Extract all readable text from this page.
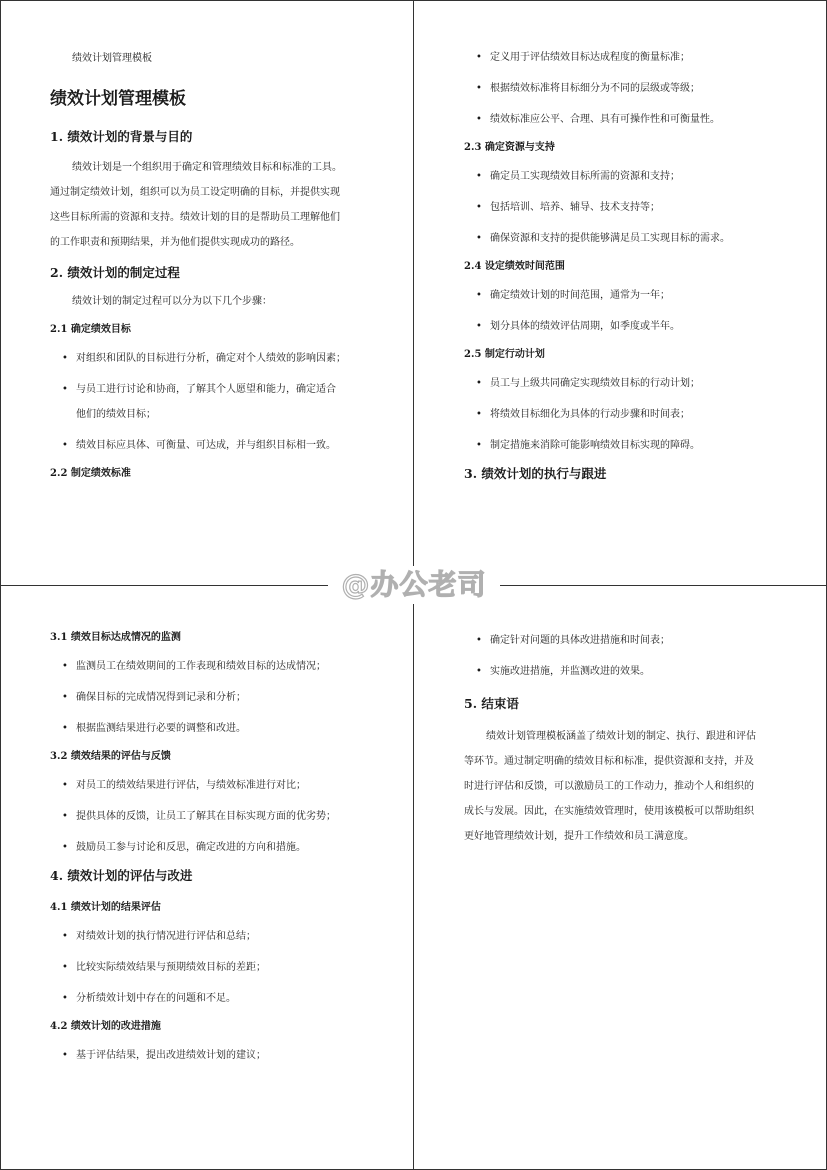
绩效计划管理模板
绩效计划管理模板
1. 绩效计划的背景与目的

绩效计划是一个组织用于确定和管理绩效目标和标准的工具。

通过制定绩效计划，组织可以为员工设定明确的目标，并提供实现

这些目标所需的资源和支持。绩效计划的目的是帮助员工理解他们

的工作职责和预期结果，并为他们提供实现成功的路径。

2. 绩效计划的制定过程

绩效计划的制定过程可以分为以下几个步骤：

2.1 确定绩效目标

• 对组织和团队的目标进行分析，确定对个人绩效的影响因素；

• 与员工进行讨论和协商，了解其个人愿望和能力，确定适合

他们的绩效目标；

• 绩效目标应具体、可衡量、可达成，并与组织目标相一致。

2.2 制定绩效标准

• 定义用于评估绩效目标达成程度的衡量标准；

• 根据绩效标准将目标细分为不同的层级或等级；

• 绩效标准应公平、合理、具有可操作性和可衡量性。

2.3 确定资源与支持

• 确定员工实现绩效目标所需的资源和支持；

• 包括培训、培养、辅导、技术支持等；

• 确保资源和支持的提供能够满足员工实现目标的需求。

2.4 设定绩效时间范围

• 确定绩效计划的时间范围，通常为一年；

• 划分具体的绩效评估周期，如季度或半年。

2.5 制定行动计划

• 员工与上级共同确定实现绩效目标的行动计划；

• 将绩效目标细化为具体的行动步骤和时间表；

• 制定措施来消除可能影响绩效目标实现的障碍。

3. 绩效计划的执行与跟进
3.1 绩效目标达成情况的监测

• 监测员工在绩效期间的工作表现和绩效目标的达成情况；

• 确保目标的完成情况得到记录和分析；

• 根据监测结果进行必要的调整和改进。

3.2 绩效结果的评估与反馈

• 对员工的绩效结果进行评估，与绩效标准进行对比；

• 提供具体的反馈，让员工了解其在目标实现方面的优劣势；

• 鼓励员工参与讨论和反思，确定改进的方向和措施。

4. 绩效计划的评估与改进
4.1 绩效计划的结果评估

• 对绩效计划的执行情况进行评估和总结；

• 比较实际绩效结果与预期绩效目标的差距；

• 分析绩效计划中存在的问题和不足。

4.2 绩效计划的改进措施

• 基于评估结果，提出改进绩效计划的建议；

• 确定针对问题的具体改进措施和时间表；

• 实施改进措施，并监测改进的效果。

5. 结束语

绩效计划管理模板涵盖了绩效计划的制定、执行、跟进和评估

等环节。通过制定明确的绩效目标和标准，提供资源和支持，并及

时进行评估和反馈，可以激励员工的工作动力，推动个人和组织的

成长与发展。因此，在实施绩效管理时，使用该模板可以帮助组织

更好地管理绩效计划，提升工作绩效和员工满意度。

@办公老司
